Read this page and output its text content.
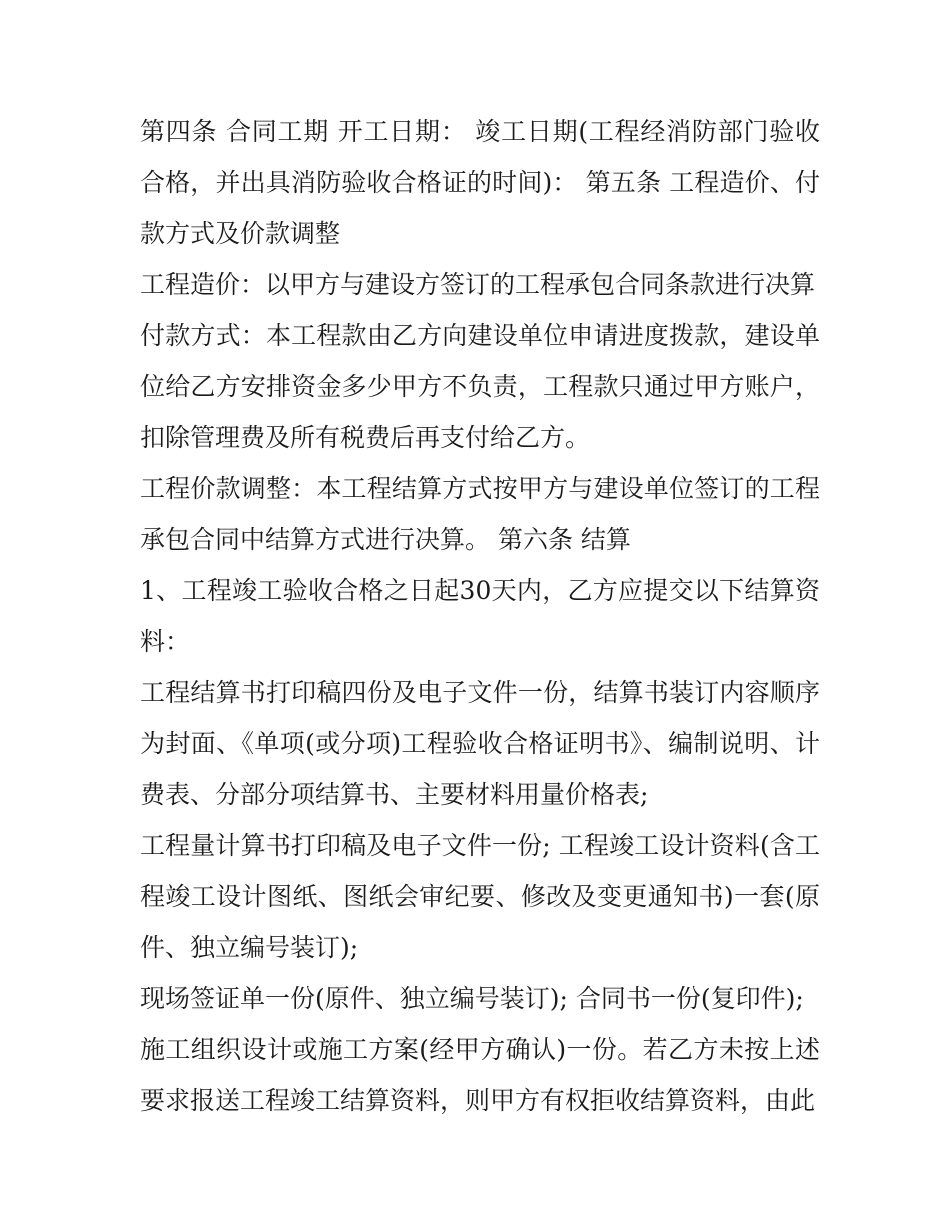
第四条 合同工期 开工日期： 竣工日期(工程经消防部门验收合格，并出具消防验收合格证的时间)： 第五条 工程造价、付款方式及价款调整

工程造价：以甲方与建设方签订的工程承包合同条款进行决算

付款方式：本工程款由乙方向建设单位申请进度拨款，建设单位给乙方安排资金多少甲方不负责，工程款只通过甲方账户，扣除管理费及所有税费后再支付给乙方。

工程价款调整：本工程结算方式按甲方与建设单位签订的工程承包合同中结算方式进行决算。 第六条 结算

1、工程竣工验收合格之日起30天内，乙方应提交以下结算资料：

工程结算书打印稿四份及电子文件一份，结算书装订内容顺序为封面、《单项(或分项)工程验收合格证明书》、编制说明、计费表、分部分项结算书、主要材料用量价格表;

工程量计算书打印稿及电子文件一份; 工程竣工设计资料(含工程竣工设计图纸、图纸会审纪要、修改及变更通知书)一套(原件、独立编号装订);

现场签证单一份(原件、独立编号装订); 合同书一份(复印件);

施工组织设计或施工方案(经甲方确认)一份。若乙方未按上述要求报送工程竣工结算资料，则甲方有权拒收结算资料，由此
